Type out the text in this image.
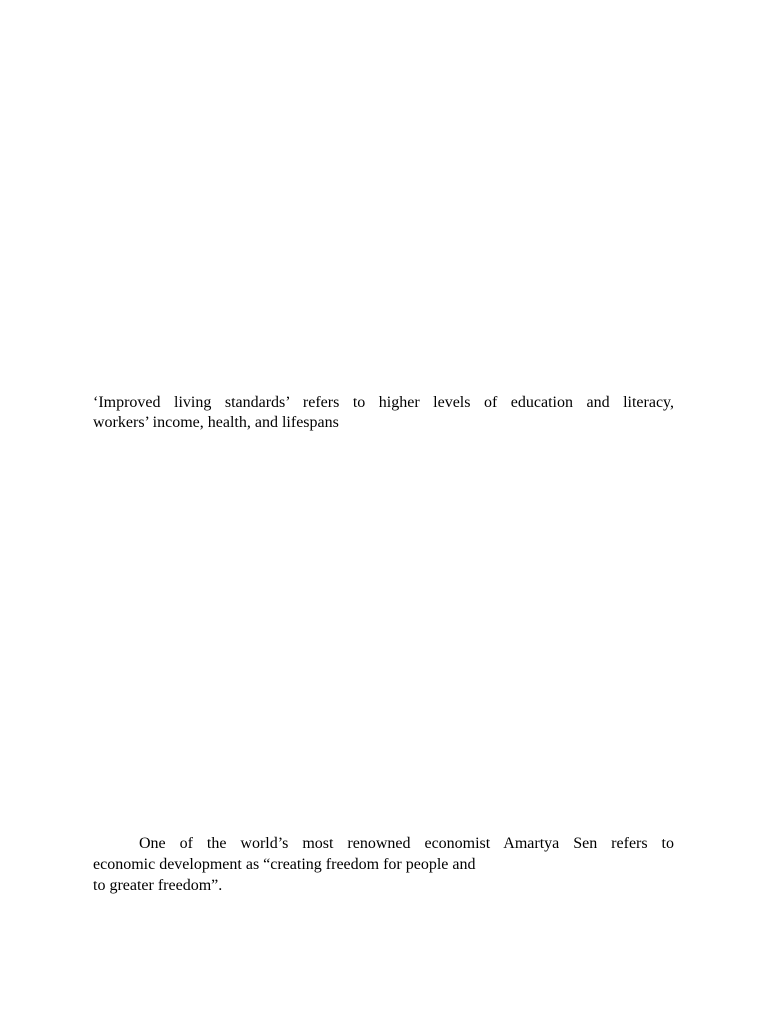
‘Improved living standards’ refers to higher levels of education and literacy,
workers’ income, health, and lifespans
One of the world’s most renowned economist Amartya Sen refers to
economic development as “creating freedom for people and
to greater freedom”.
